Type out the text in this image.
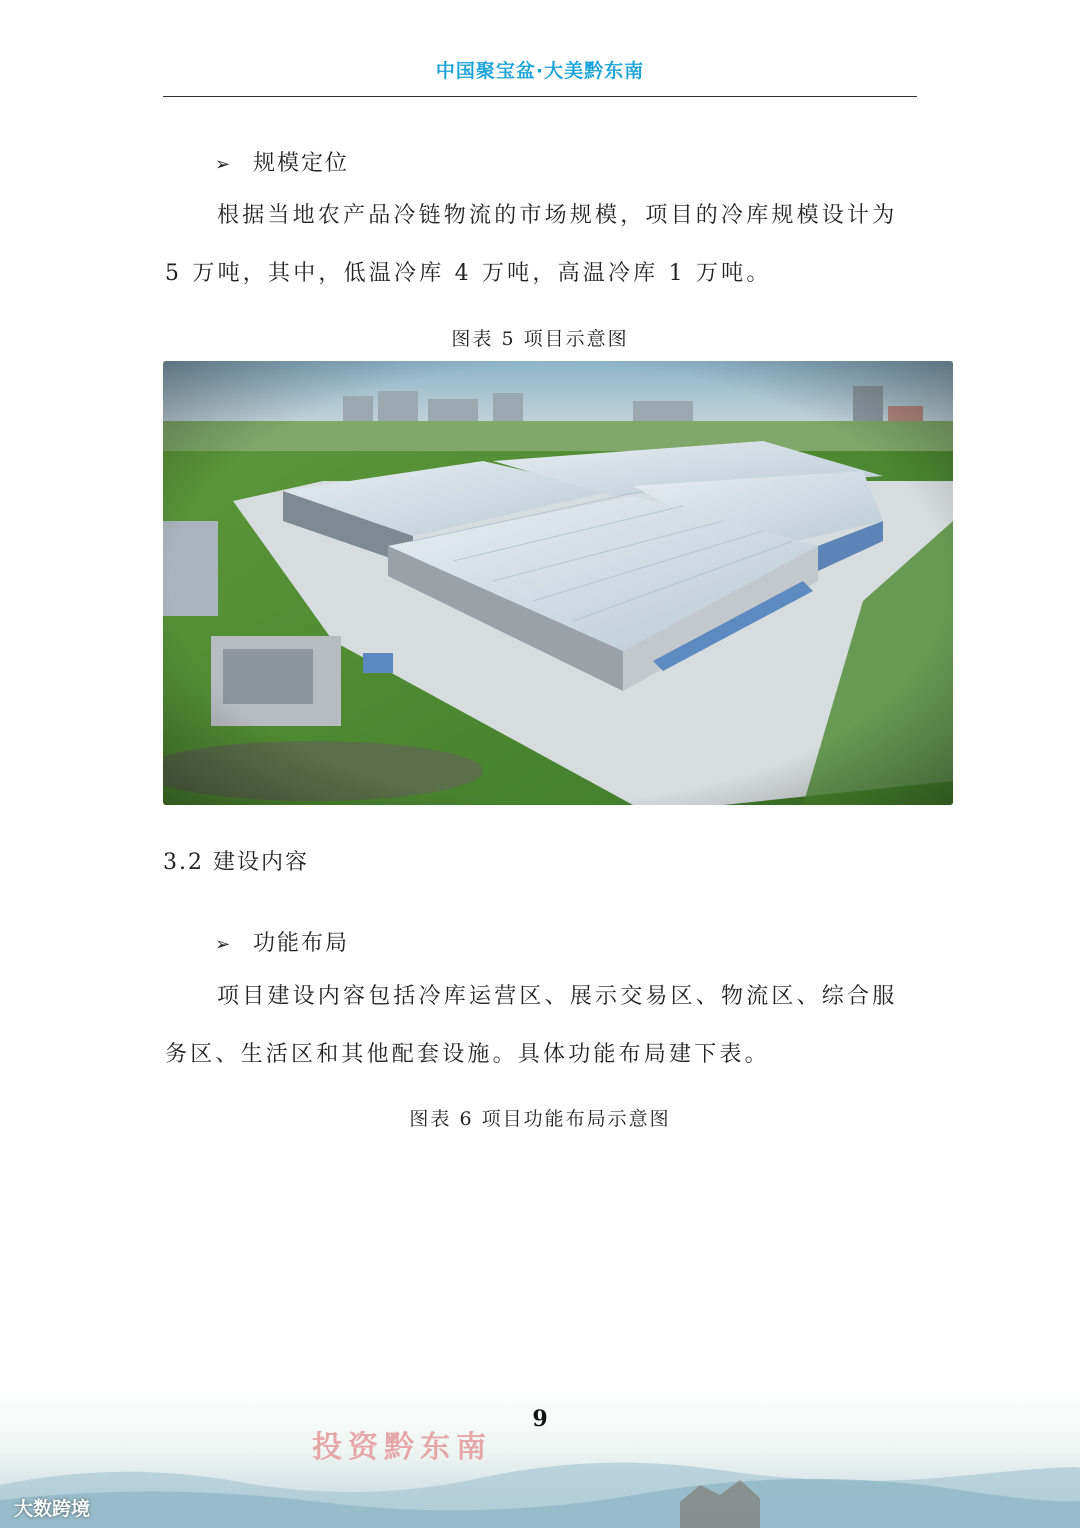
中国聚宝盆·大美黔东南
➢ 规模定位
根据当地农产品冷链物流的市场规模，项目的冷库规模设计为 5 万吨，其中，低温冷库 4 万吨，高温冷库 1 万吨。
图表 5 项目示意图
3.2 建设内容
➢ 功能布局
项目建设内容包括冷库运营区、展示交易区、物流区、综合服务区、生活区和其他配套设施。具体功能布局建下表。
图表 6 项目功能布局示意图
投资黔东南
9
大数跨境
